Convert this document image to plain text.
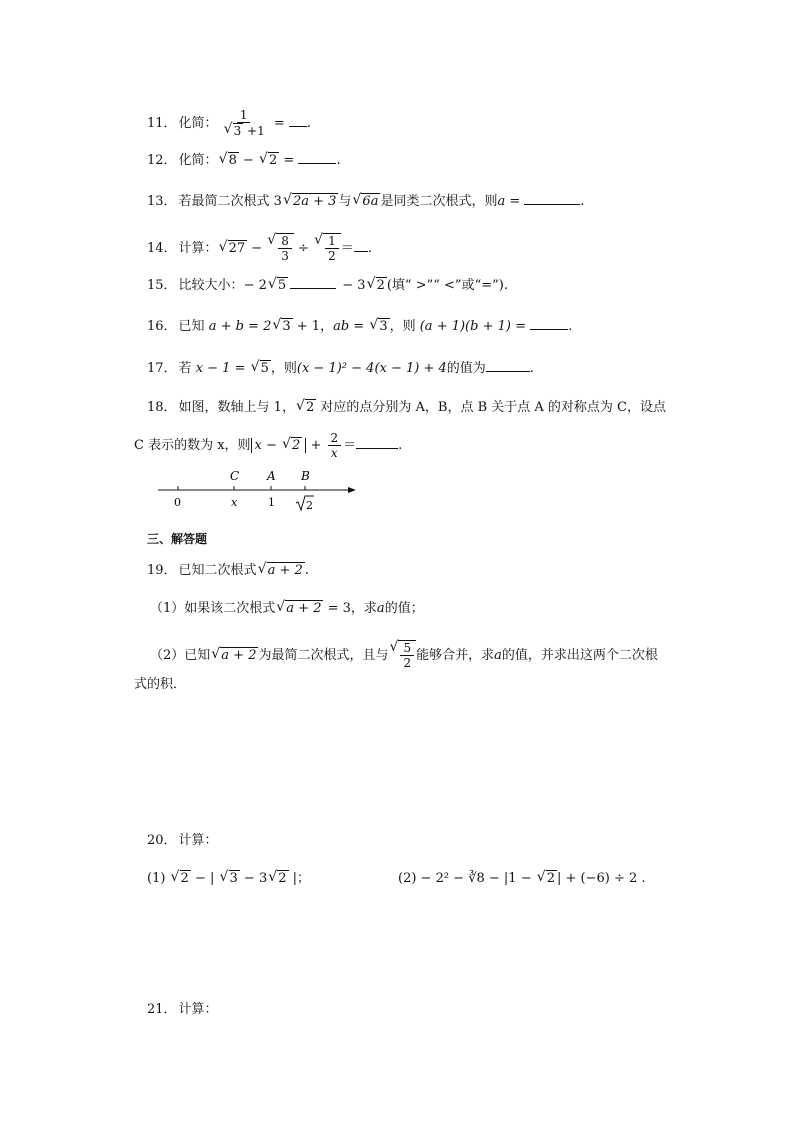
11． 化简： 1
√ 3 +1 = .
12． 化简： √ 8 − √ 2 =	.
13． 若最简二次根式 3 √ 2a + 3 与 √ 6a 是同类二次根式，则a =	.
14． 计算： √ 27 − √ $\frac{8}{3}$ ÷ √ $\frac{1}{2}$ ＝ .
15． 比较大小：− 2 √ 5	− 3 √ 2 (填“ >”“ <”或“=”).
16． 已知 a + b = 2 √ 3 + 1，ab = √ 3 ，则 (a + 1)(b + 1) =	.
17． 若 x − 1 = √ 5 ，则(x − 1)² − 4(x − 1) + 4的值为	.
18． 如图，数轴上与 1， √ 2 对应的点分别为 A，B，点 B 关于点 A 的对称点为 C，设点
C 表示的数为 x，则 x − √ $2 + \frac{2}{x}$ ＝	.
C A B
0	x	1	2
三、解答题
19． 已知二次根式 √ a + 2 .
（1）如果该二次根式 √ a + 2 = 3，求a的值；
（2）已知 √ a + 2 为最简二次根式，且与 √ $\frac{5}{2}$ 能够合并，求a的值，并求出这两个二次根
式的积．
20． 计算：
(1) √ 2 − | √ 3 − 3 √ 2 |；	(2) − 2² − ∛8 − |1 − √ 2 | + (−6) ÷ 2 .
21． 计算：
